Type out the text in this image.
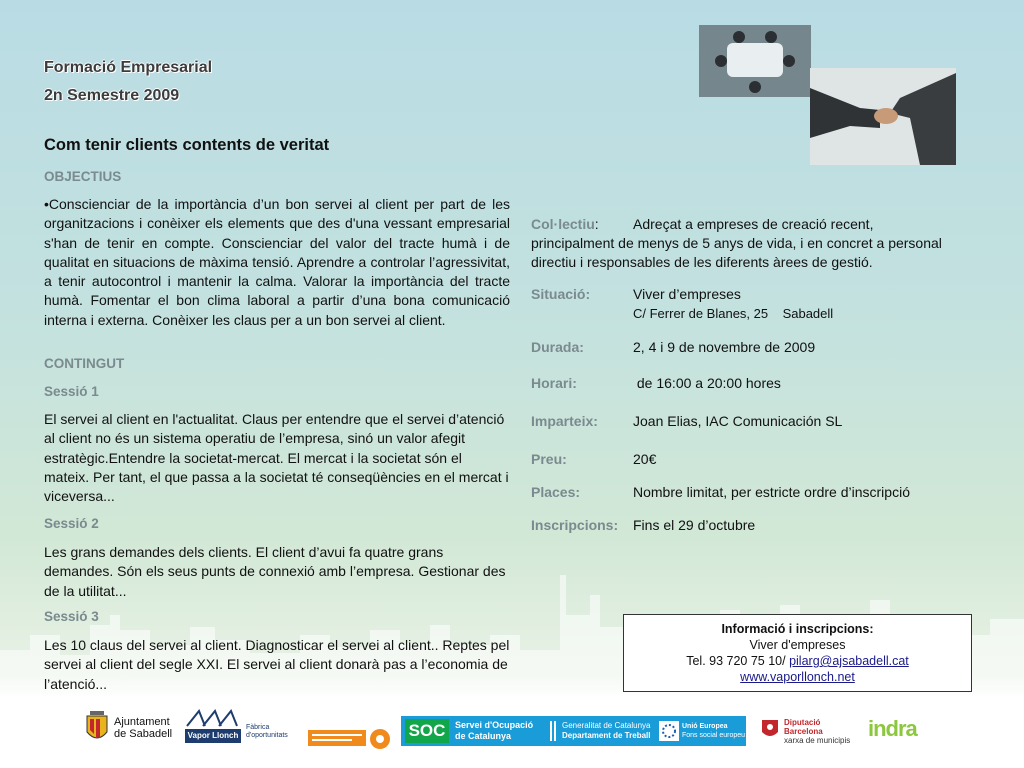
Formació Empresarial
2n Semestre 2009
Com tenir clients contents de veritat
OBJECTIUS
•Conscienciar de la importància d’un bon servei al client per part de les organitzacions i conèixer els elements que des d'una vessant empresarial s'han de tenir en compte. Conscienciar del valor del tracte humà i de qualitat en situacions de màxima tensió. Aprendre a controlar l’agressivitat, a tenir autocontrol i mantenir la calma. Valorar la importància del tracte humà. Fomentar el bon clima laboral a partir d’una bona comunicació interna i externa. Conèixer les claus per a un bon servei al client.
CONTINGUT
Sessió 1
El servei al client en l'actualitat. Claus per entendre que el servei d’atenció al client no és un sistema operatiu de l’empresa, sinó un valor afegit estratègic.Entendre la societat-mercat. El mercat i la societat són el mateix. Per tant, el que passa a la societat té conseqüències en el mercat i viceversa...
Sessió 2
Les grans demandes dels clients. El client d’avui fa quatre grans demandes. Són els seus punts de connexió amb l’empresa. Gestionar des de la utilitat...
Sessió 3
Les 10 claus del servei al client. Diagnosticar el servei al client.. Reptes pel servei al client del segle XXI. El servei al client donarà pas a l’economia de l’atenció...
Col·lectiu: Adreçat a empreses de creació recent,
principalment de menys de 5 anys de vida, i en concret a personal
directiu i responsables de les diferents àrees de gestió.
Situació:	Viver d’empreses
C/ Ferrer de Blanes, 25    Sabadell
Durada:	2, 4 i 9 de novembre de 2009
Horari:	de 16:00 a 20:00 hores
Imparteix:	Joan Elias, IAC Comunicación SL
Preu:	20€
Places:	Nombre limitat, per estricte ordre d’inscripció
Inscripcions: Fins el 29 d’octubre
Informació i inscripcions:
Viver d'empreses
Tel. 93 720 75 10/ pilarg@ajsabadell.cat
www.vaporllonch.net
Ajuntament
de Sabadell	Vapor Llonch
Fàbrica
d'oportunitats	SOC	Servei d'Ocupació
de Catalunya
Generalitat de Catalunya
Departament de Treball
Unió Europea
Fons social europeu
Diputació
Barcelona
xarxa de municipis indra
